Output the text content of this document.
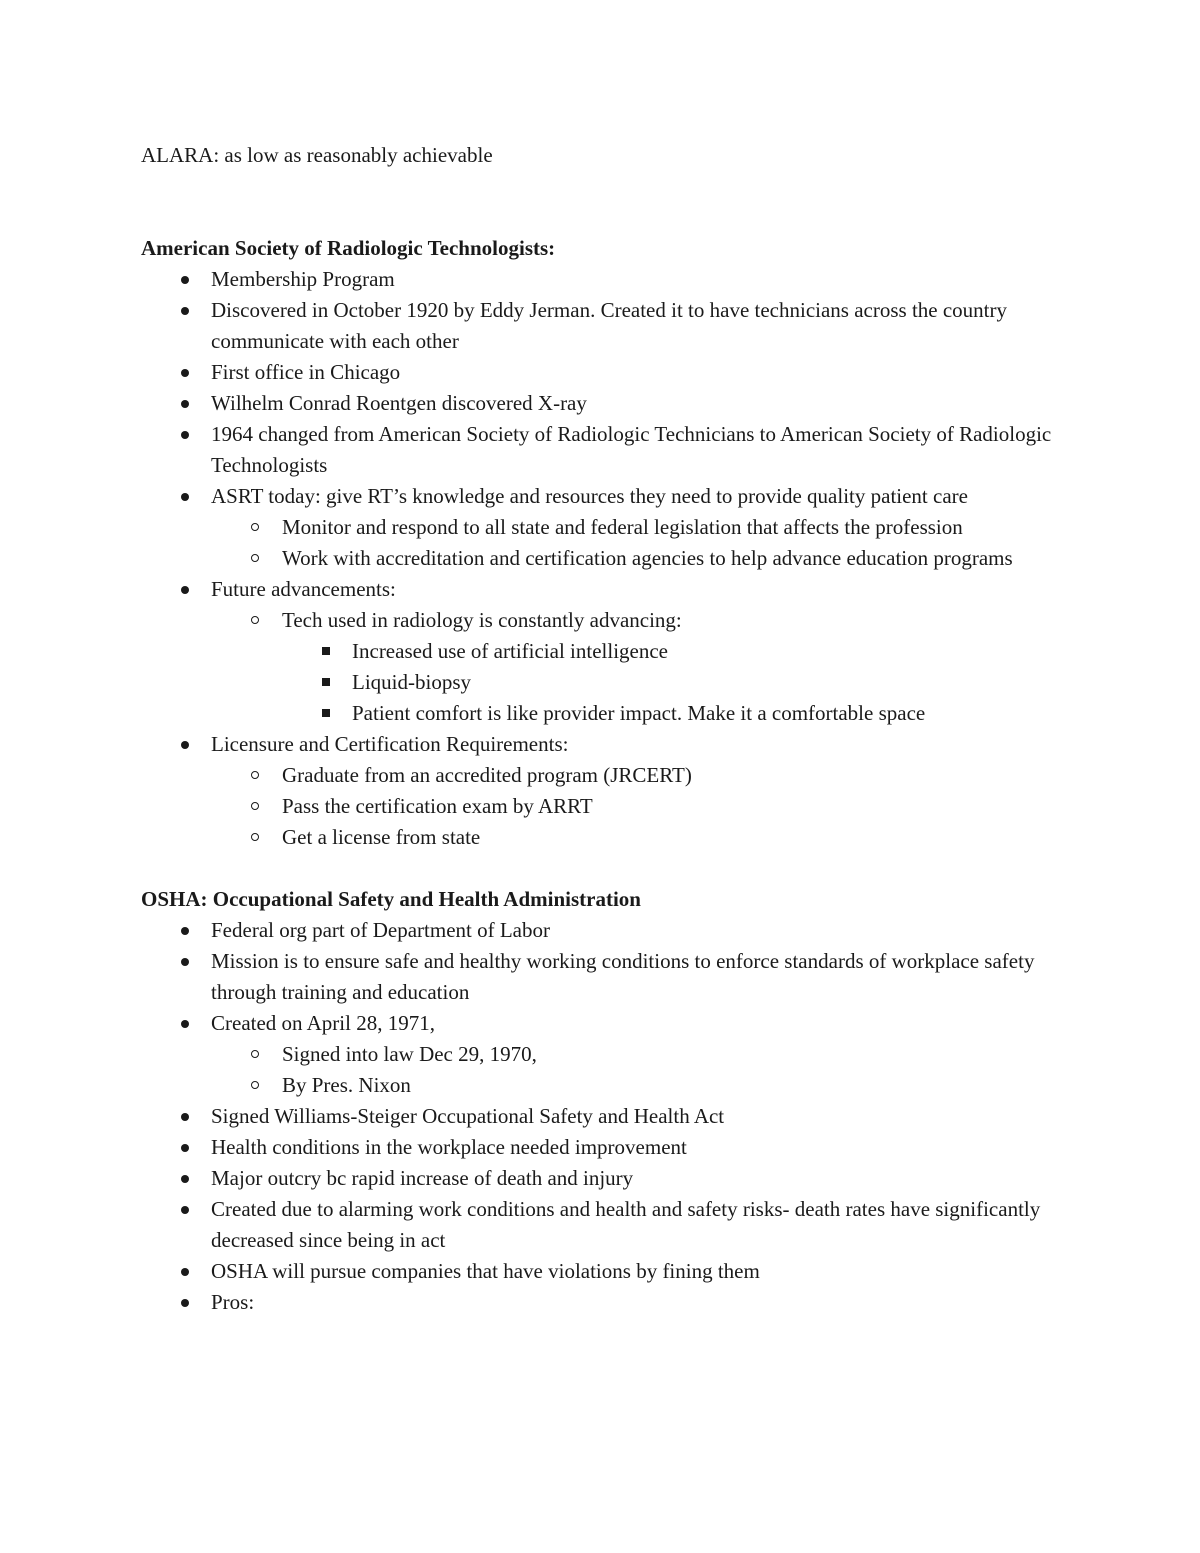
ALARA: as low as reasonably achievable

American Society of Radiologic Technologists:

Membership Program
Discovered in October 1920 by Eddy Jerman. Created it to have technicians across the country communicate with each other
First office in Chicago
Wilhelm Conrad Roentgen discovered X-ray
1964 changed from American Society of Radiologic Technicians to American Society of Radiologic Technologists
ASRT today: give RT’s knowledge and resources they need to provide quality patient care
Monitor and respond to all state and federal legislation that affects the profession
Work with accreditation and certification agencies to help advance education programs
Future advancements:
Tech used in radiology is constantly advancing:
Increased use of artificial intelligence
Liquid-biopsy
Patient comfort is like provider impact. Make it a comfortable space
Licensure and Certification Requirements:
Graduate from an accredited program (JRCERT)
Pass the certification exam by ARRT
Get a license from state

OSHA: Occupational Safety and Health Administration

Federal org part of Department of Labor
Mission is to ensure safe and healthy working conditions to enforce standards of workplace safety through training and education
Created on April 28, 1971,
Signed into law Dec 29, 1970,
By Pres. Nixon
Signed Williams-Steiger Occupational Safety and Health Act
Health conditions in the workplace needed improvement
Major outcry bc rapid increase of death and injury
Created due to alarming work conditions and health and safety risks- death rates have significantly decreased since being in act
OSHA will pursue companies that have violations by fining them
Pros:
